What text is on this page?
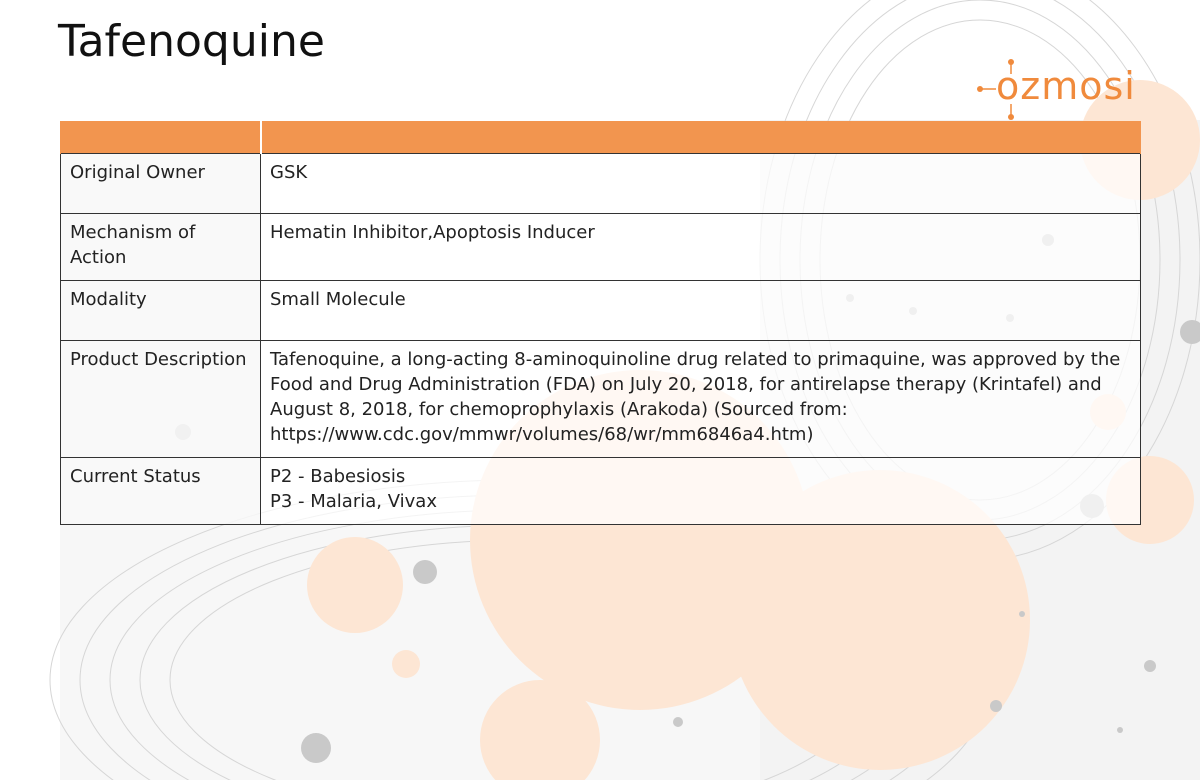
Tafenoquine
ozmosi

Original Owner	GSK
Mechanism of Action	Hematin Inhibitor,Apoptosis Inducer
Modality	Small Molecule
Product Description	Tafenoquine, a long-acting 8-aminoquinoline drug related to primaquine, was approved by the Food and Drug Administration (FDA) on July 20, 2018, for antirelapse therapy (Krintafel) and August 8, 2018, for chemoprophylaxis (Arakoda) (Sourced from: https://www.cdc.gov/mmwr/volumes/68/wr/mm6846a4.htm)
Current Status	P2 - Babesiosis
P3 - Malaria, Vivax
